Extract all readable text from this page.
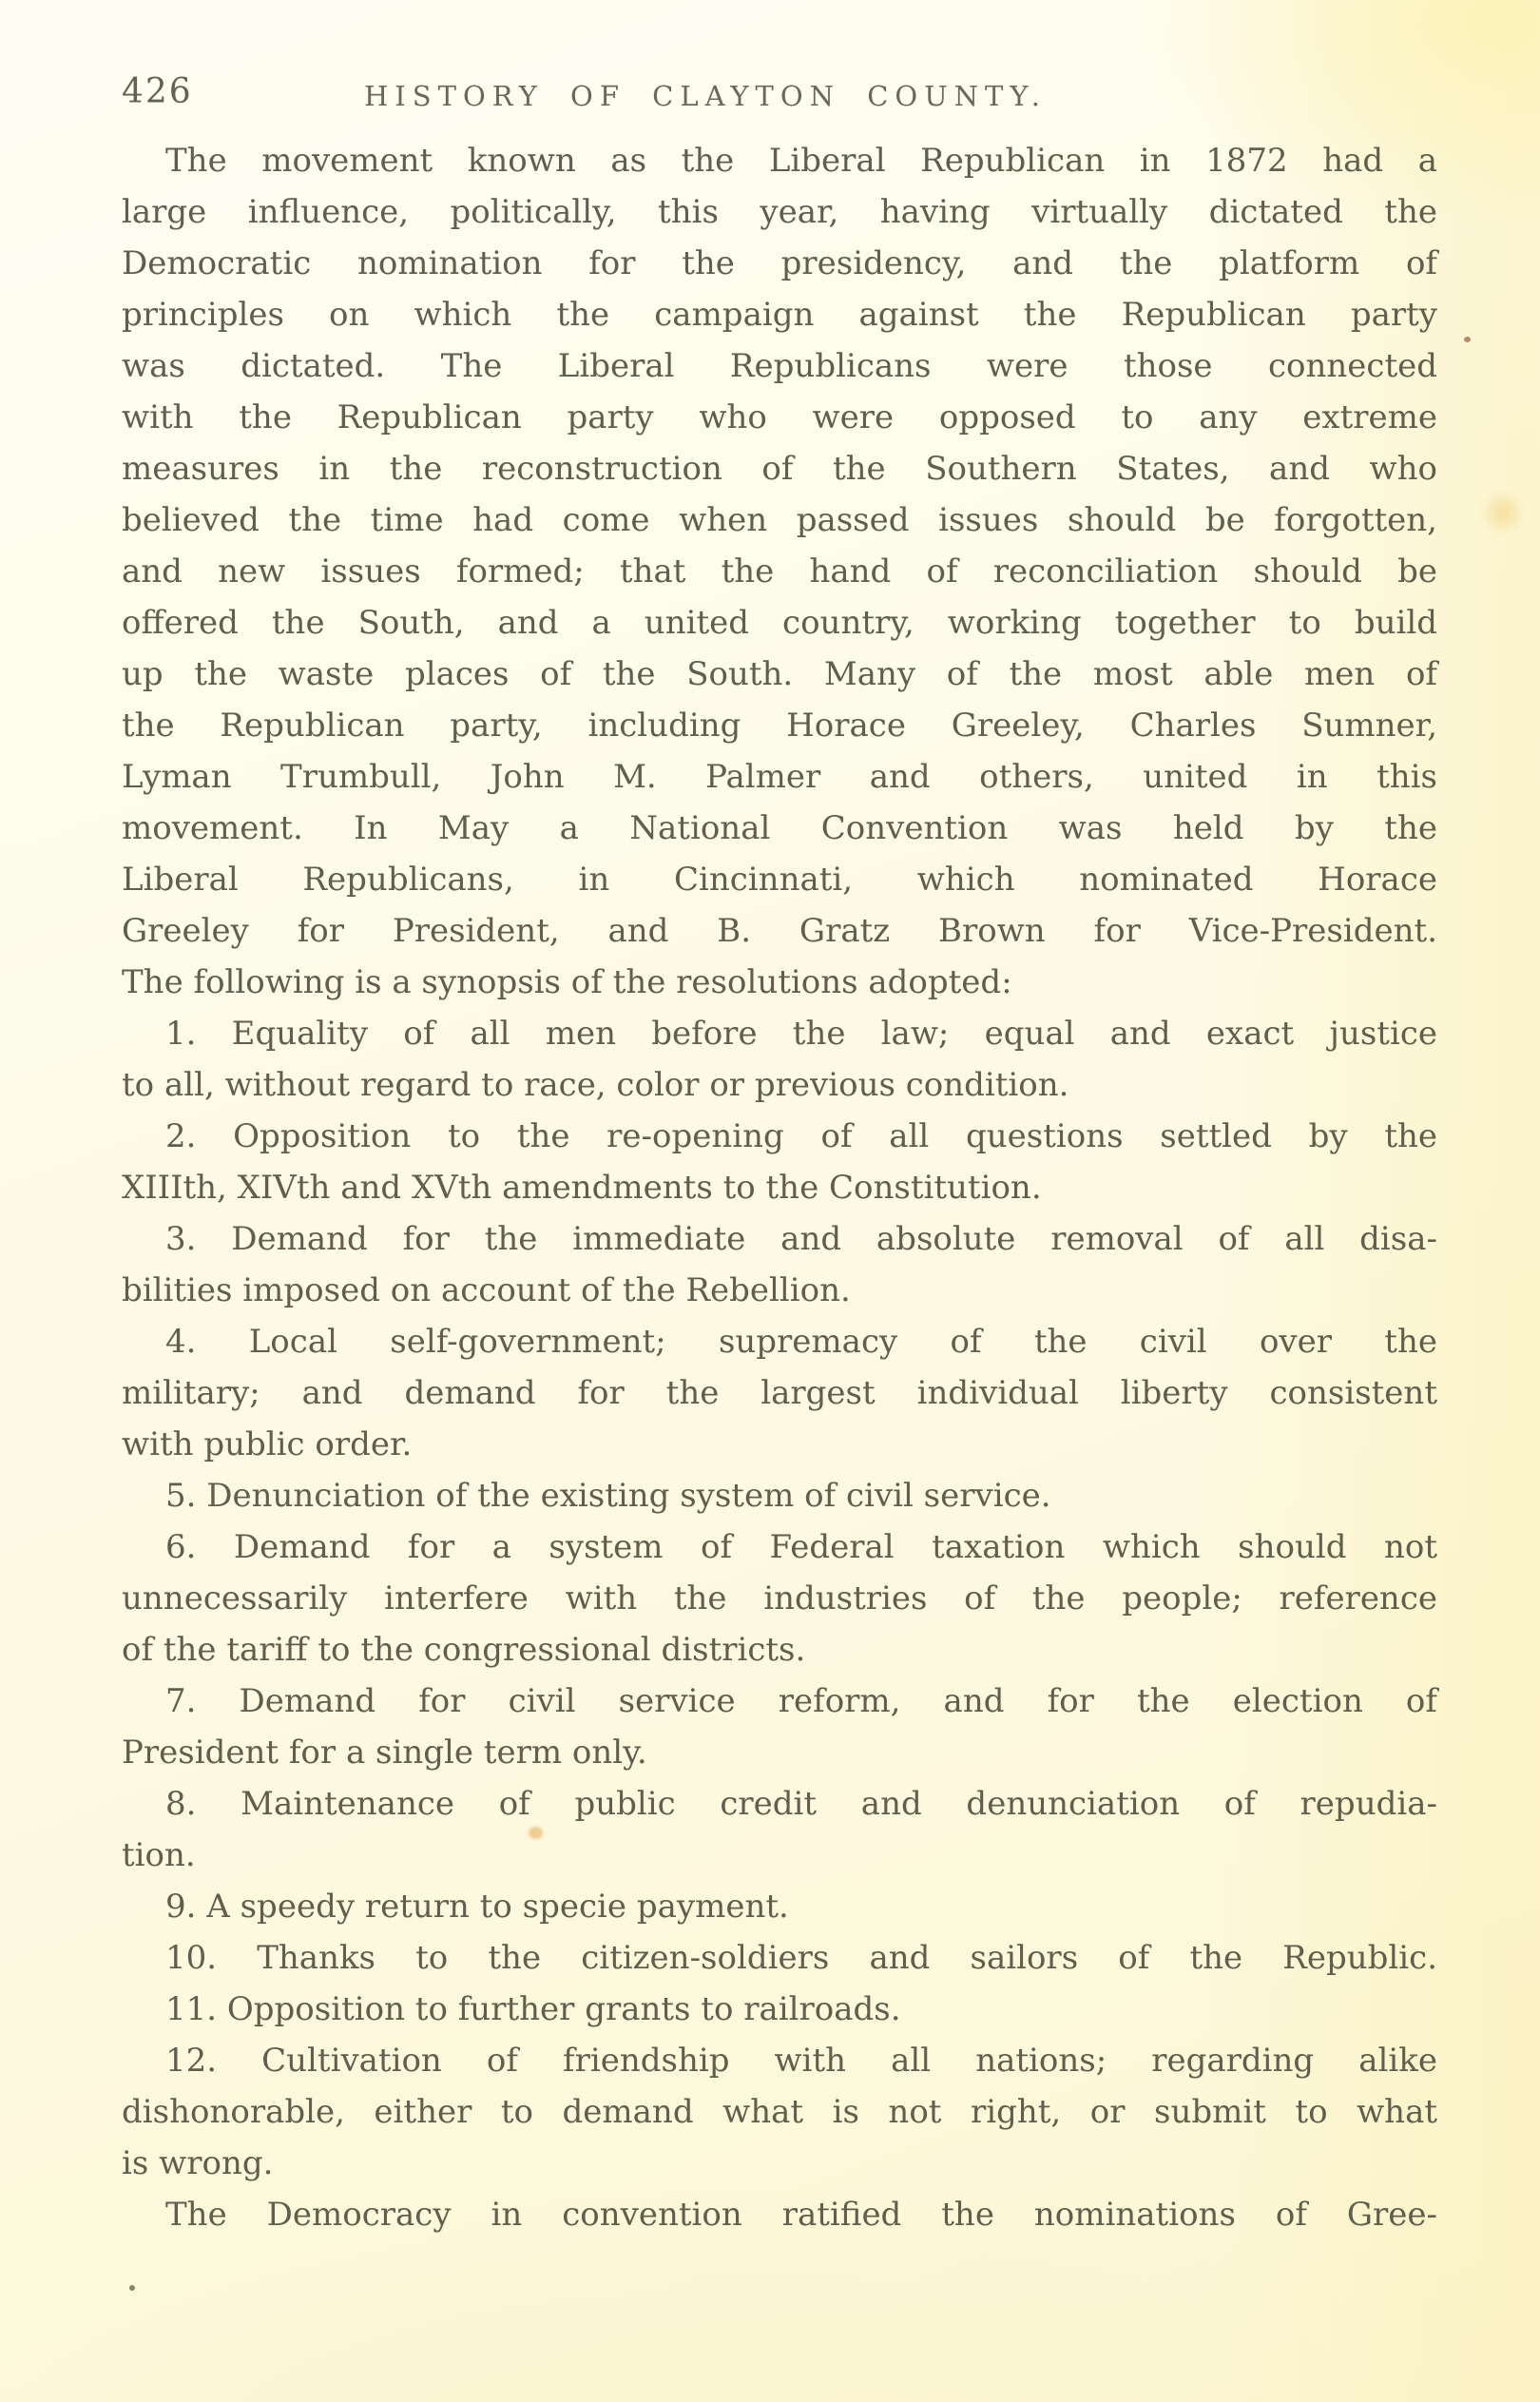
426	HISTORY OF CLAYTON COUNTY.

The movement known as the Liberal Republican in 1872 had a
large influence, politically, this year, having virtually dictated the
Democratic nomination for the presidency, and the platform of
principles on which the campaign against the Republican party
was dictated. The Liberal Republicans were those connected
with the Republican party who were opposed to any extreme
measures in the reconstruction of the Southern States, and who
believed the time had come when passed issues should be forgotten,
and new issues formed; that the hand of reconciliation should be
offered the South, and a united country, working together to build
up the waste places of the South. Many of the most able men of
the Republican party, including Horace Greeley, Charles Sumner,
Lyman Trumbull, John M. Palmer and others, united in this
movement. In May a National Convention was held by the
Liberal Republicans, in Cincinnati, which nominated Horace
Greeley for President, and B. Gratz Brown for Vice-President.
The following is a synopsis of the resolutions adopted:

1. Equality of all men before the law; equal and exact justice
to all, without regard to race, color or previous condition.

2. Opposition to the re-opening of all questions settled by the
XIIIth, XIVth and XVth amendments to the Constitution.

3. Demand for the immediate and absolute removal of all disa-
bilities imposed on account of the Rebellion.

4. Local self-government; supremacy of the civil over the
military; and demand for the largest individual liberty consistent
with public order.

5. Denunciation of the existing system of civil service.

6. Demand for a system of Federal taxation which should not
unnecessarily interfere with the industries of the people; reference
of the tariff to the congressional districts.

7. Demand for civil service reform, and for the election of
President for a single term only.

8. Maintenance of public credit and denunciation of repudia-
tion.

9. A speedy return to specie payment.

10. Thanks to the citizen-soldiers and sailors of the Republic.

11. Opposition to further grants to railroads.

12. Cultivation of friendship with all nations; regarding alike
dishonorable, either to demand what is not right, or submit to what
is wrong.

The Democracy in convention ratified the nominations of Gree-
